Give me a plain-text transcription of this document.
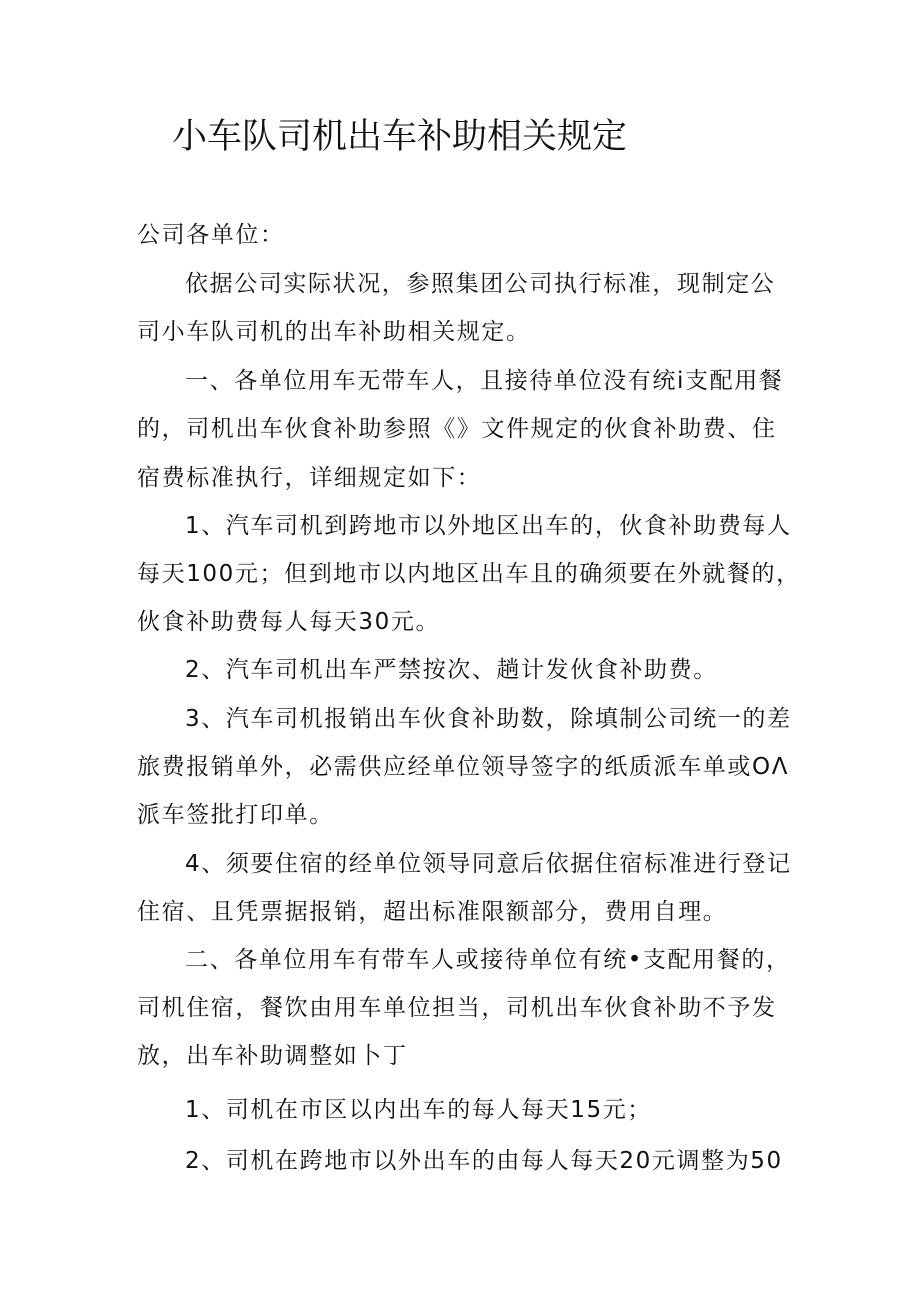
小车队司机出车补助相关规定

公司各单位：

依据公司实际状况，参照集团公司执行标准，现制定公

司小车队司机的出车补助相关规定。

一、各单位用车无带车人，且接待单位没有统i支配用餐

的，司机出车伙食补助参照《》文件规定的伙食补助费、住

宿费标准执行，详细规定如下：

1、汽车司机到跨地市以外地区出车的，伙食补助费每人

每天100元；但到地市以内地区出车且的确须要在外就餐的，

伙食补助费每人每天30元。

2、汽车司机出车严禁按次、趟计发伙食补助费。

3、汽车司机报销出车伙食补助数，除填制公司统一的差

旅费报销单外，必需供应经单位领导签字的纸质派车单或OΛ

派车签批打印单。

4、须要住宿的经单位领导同意后依据住宿标准进行登记

住宿、且凭票据报销，超出标准限额部分，费用自理。

二、各单位用车有带车人或接待单位有统•支配用餐的，

司机住宿，餐饮由用车单位担当，司机出车伙食补助不予发

放，出车补助调整如卜丁

1、司机在市区以内出车的每人每天15元；

2、司机在跨地市以外出车的由每人每天20元调整为50
